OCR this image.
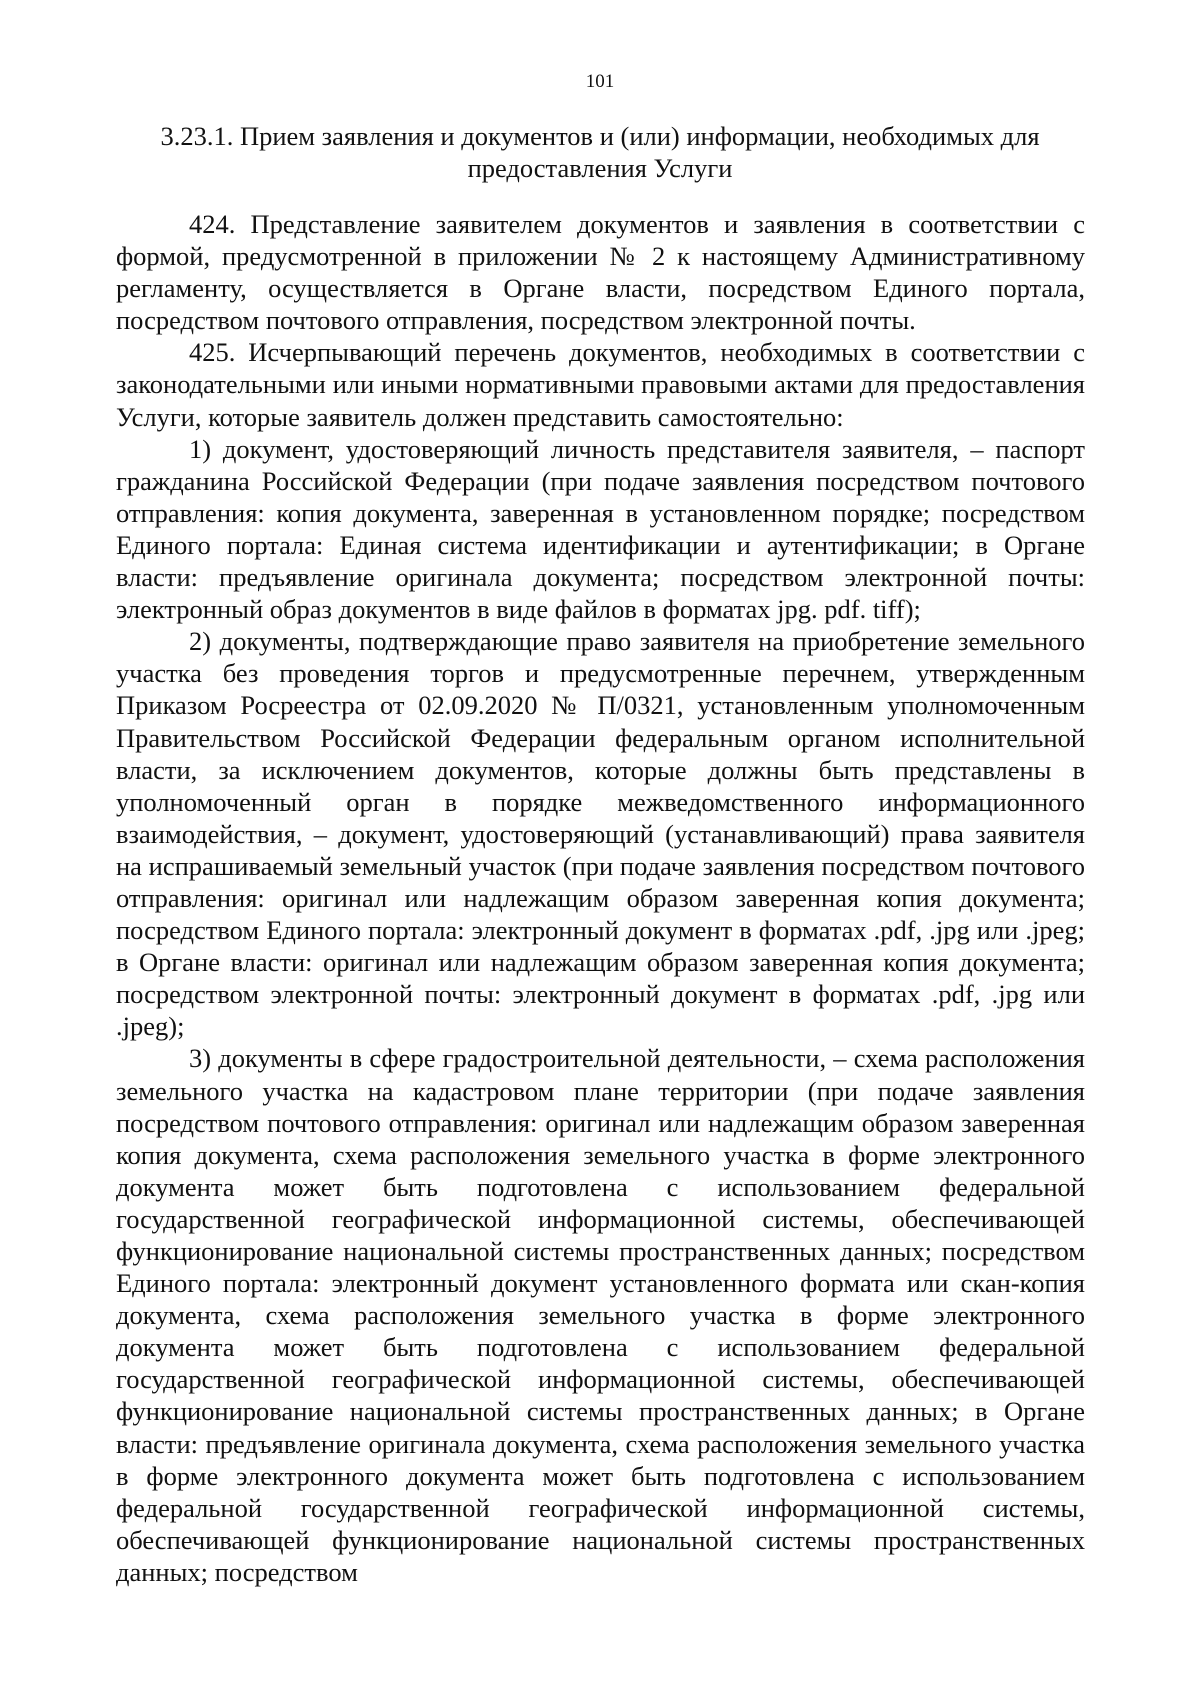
101
3.23.1. Прием заявления и документов и (или) информации, необходимых для
предоставления Услуги

424. Представление заявителем документов и заявления в соответствии с формой, предусмотренной в приложении № 2 к настоящему Административному регламенту, осуществляется в Органе власти, посредством Единого портала, посредством почтового отправления, посредством электронной почты.

425. Исчерпывающий перечень документов, необходимых в соответствии с законодательными или иными нормативными правовыми актами для предоставления Услуги, которые заявитель должен представить самостоятельно:

1) документ, удостоверяющий личность представителя заявителя, – паспорт гражданина Российской Федерации (при подаче заявления посредством почтового отправления: копия документа, заверенная в установленном порядке; посредством Единого портала: Единая система идентификации и аутентификации; в Органе власти: предъявление оригинала документа; посредством электронной почты: электронный образ документов в виде файлов в форматах jpg. pdf. tiff);

2) документы, подтверждающие право заявителя на приобретение земельного участка без проведения торгов и предусмотренные перечнем, утвержденным Приказом Росреестра от 02.09.2020 № П/0321, установленным уполномоченным Правительством Российской Федерации федеральным органом исполнительной власти, за исключением документов, которые должны быть представлены в уполномоченный орган в порядке межведомственного информационного взаимодействия, – документ, удостоверяющий (устанавливающий) права заявителя на испрашиваемый земельный участок (при подаче заявления посредством почтового отправления: оригинал или надлежащим образом заверенная копия документа; посредством Единого портала: электронный документ в форматах .pdf, .jpg или .jpeg; в Органе власти: оригинал или надлежащим образом заверенная копия документа; посредством электронной почты: электронный документ в форматах .pdf, .jpg или .jpeg);

3) документы в сфере градостроительной деятельности, – схема расположения земельного участка на кадастровом плане территории (при подаче заявления посредством почтового отправления: оригинал или надлежащим образом заверенная копия документа, схема расположения земельного участка в форме электронного документа может быть подготовлена с использованием федеральной государственной географической информационной системы, обеспечивающей функционирование национальной системы пространственных данных; посредством Единого портала: электронный документ установленного формата или скан-копия документа, схема расположения земельного участка в форме электронного документа может быть подготовлена с использованием федеральной государственной географической информационной системы, обеспечивающей функционирование национальной системы пространственных данных; в Органе власти: предъявление оригинала документа, схема расположения земельного участка в форме электронного документа может быть подготовлена с использованием федеральной государственной географической информационной системы, обеспечивающей функционирование национальной системы пространственных данных; посредством
